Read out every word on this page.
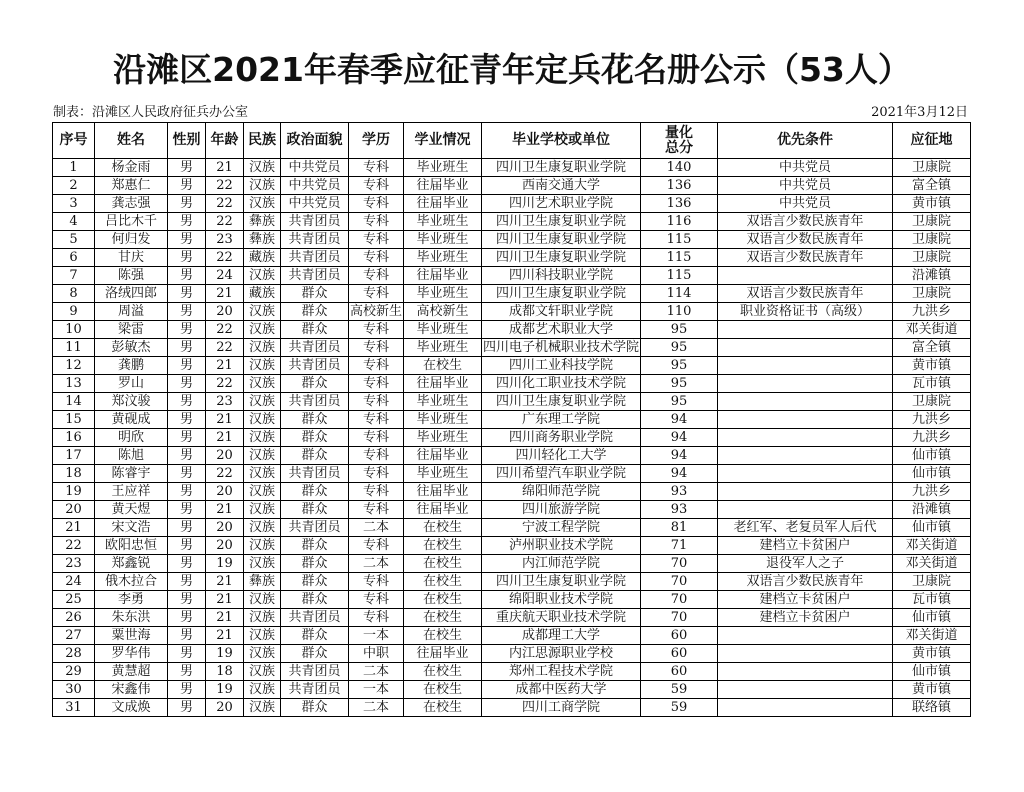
沿滩区2021年春季应征青年定兵花名册公示（53人）
制表：沿滩区人民政府征兵办公室	2021年3月12日
序号	姓名	性别	年龄	民族	政治面貌	学历	学业情况	毕业学校或单位	量化总分	优先条件	应征地
1	杨金雨	男	21	汉族	中共党员	专科	毕业班生	四川卫生康复职业学院	140	中共党员	卫康院
2	郑惠仁	男	22	汉族	中共党员	专科	往届毕业	西南交通大学	136	中共党员	富全镇
3	龚志强	男	22	汉族	中共党员	专科	往届毕业	四川艺术职业学院	136	中共党员	黄市镇
4	吕比木千	男	22	彝族	共青团员	专科	毕业班生	四川卫生康复职业学院	116	双语言少数民族青年	卫康院
5	何归发	男	23	彝族	共青团员	专科	毕业班生	四川卫生康复职业学院	115	双语言少数民族青年	卫康院
6	甘庆	男	22	藏族	共青团员	专科	毕业班生	四川卫生康复职业学院	115	双语言少数民族青年	卫康院
7	陈强	男	24	汉族	共青团员	专科	往届毕业	四川科技职业学院	115		沿滩镇
8	洛绒四郎	男	21	藏族	群众	专科	毕业班生	四川卫生康复职业学院	114	双语言少数民族青年	卫康院
9	周溢	男	20	汉族	群众	高校新生	高校新生	成都文轩职业学院	110	职业资格证书（高级）	九洪乡
10	梁雷	男	22	汉族	群众	专科	毕业班生	成都艺术职业大学	95		邓关街道
11	彭敏杰	男	22	汉族	共青团员	专科	毕业班生	四川电子机械职业技术学院	95		富全镇
12	龚鹏	男	21	汉族	共青团员	专科	在校生	四川工业科技学院	95		黄市镇
13	罗山	男	22	汉族	群众	专科	往届毕业	四川化工职业技术学院	95		瓦市镇
14	郑汶骏	男	23	汉族	共青团员	专科	毕业班生	四川卫生康复职业学院	95		卫康院
15	黄砚成	男	21	汉族	群众	专科	毕业班生	广东理工学院	94		九洪乡
16	明欣	男	21	汉族	群众	专科	毕业班生	四川商务职业学院	94		九洪乡
17	陈旭	男	20	汉族	群众	专科	往届毕业	四川轻化工大学	94		仙市镇
18	陈睿宇	男	22	汉族	共青团员	专科	毕业班生	四川希望汽车职业学院	94		仙市镇
19	王应祥	男	20	汉族	群众	专科	往届毕业	绵阳师范学院	93		九洪乡
20	黄天煜	男	21	汉族	群众	专科	往届毕业	四川旅游学院	93		沿滩镇
21	宋文浩	男	20	汉族	共青团员	二本	在校生	宁波工程学院	81	老红军、老复员军人后代	仙市镇
22	欧阳忠恒	男	20	汉族	群众	专科	在校生	泸州职业技术学院	71	建档立卡贫困户	邓关街道
23	郑鑫锐	男	19	汉族	群众	二本	在校生	内江师范学院	70	退役军人之子	邓关街道
24	俄木拉合	男	21	彝族	群众	专科	在校生	四川卫生康复职业学院	70	双语言少数民族青年	卫康院
25	李勇	男	21	汉族	群众	专科	在校生	绵阳职业技术学院	70	建档立卡贫困户	瓦市镇
26	朱东洪	男	21	汉族	共青团员	专科	在校生	重庆航天职业技术学院	70	建档立卡贫困户	仙市镇
27	粟世海	男	21	汉族	群众	一本	在校生	成都理工大学	60		邓关街道
28	罗华伟	男	19	汉族	群众	中职	往届毕业	内江思源职业学校	60		黄市镇
29	黄慧超	男	18	汉族	共青团员	二本	在校生	郑州工程技术学院	60		仙市镇
30	宋鑫伟	男	19	汉族	共青团员	一本	在校生	成都中医药大学	59		黄市镇
31	文成焕	男	20	汉族	群众	二本	在校生	四川工商学院	59		联络镇
